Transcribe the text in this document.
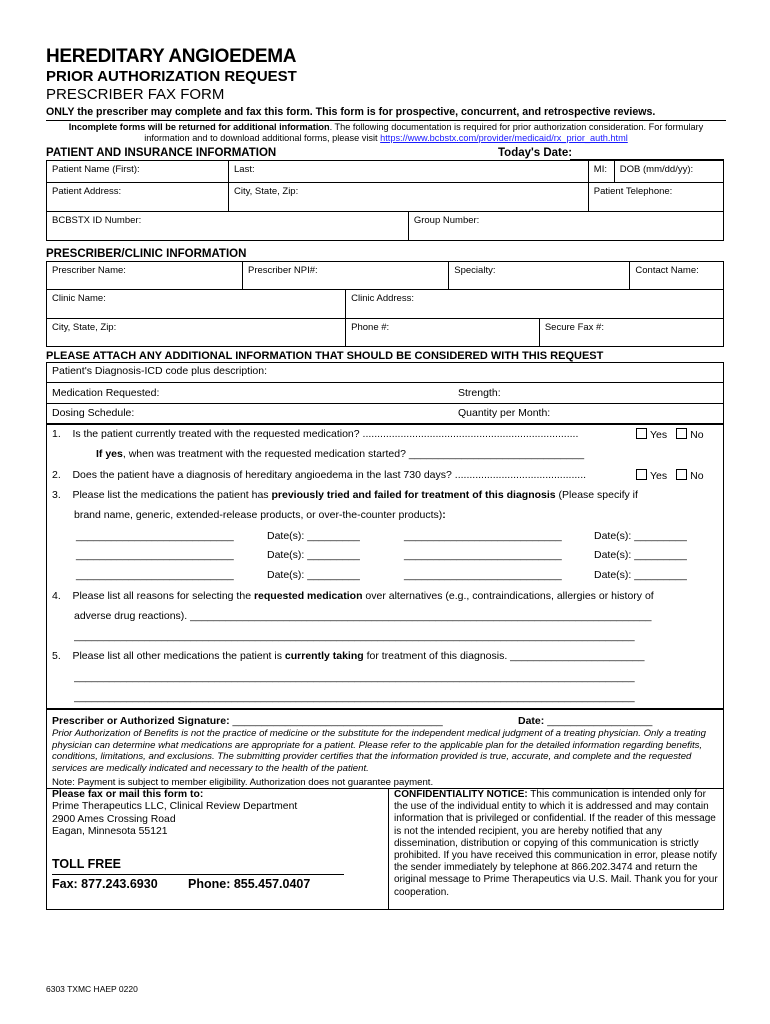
HEREDITARY ANGIOEDEMA
PRIOR AUTHORIZATION REQUEST
PRESCRIBER FAX FORM
ONLY the prescriber may complete and fax this form. This form is for prospective, concurrent, and retrospective reviews.
Incomplete forms will be returned for additional information. The following documentation is required for prior authorization consideration. For formulary information and to download additional forms, please visit https://www.bcbstx.com/provider/medicaid/rx_prior_auth.html
PATIENT AND INSURANCE INFORMATION	Today's Date:
Patient Name (First):	Last:		MI:	DOB (mm/dd/yy):
Patient Address:	City, State, Zip:		Patient Telephone:	
BCBSTX ID Number:		Group Number:		
PRESCRIBER/CLINIC INFORMATION
Prescriber Name:	Prescriber NPI#:		Specialty:		Contact Name:
Clinic Name:		Clinic Address:			
City, State, Zip:		Phone #:		Secure Fax #:	
PLEASE ATTACH ANY ADDITIONAL INFORMATION THAT SHOULD BE CONSIDERED WITH THIS REQUEST
Patient's Diagnosis-ICD code plus description:
Medication Requested:	Strength:
Dosing Schedule:	Quantity per Month:
1. Is the patient currently treated with the requested medication? ..........................................................................	Yes No
If yes, when was treatment with the requested medication started? ______________________________
2. Does the patient have a diagnosis of hereditary angioedema in the last 730 days? .............................................	Yes No
3. Please list the medications the patient has previously tried and failed for treatment of this diagnosis (Please specify if
brand name, generic, extended-release products, or over-the-counter products):
___________________________	Date(s): _________	___________________________	Date(s): _________
___________________________	Date(s): _________	___________________________	Date(s): _________
___________________________	Date(s): _________	___________________________	Date(s): _________
4. Please list all reasons for selecting the requested medication over alternatives (e.g., contraindications, allergies or history of
adverse drug reactions). _______________________________________________________________________________
________________________________________________________________________________________________
5. Please list all other medications the patient is currently taking for treatment of this diagnosis. _______________________
________________________________________________________________________________________________
________________________________________________________________________________________________
Prescriber or Authorized Signature: ____________________________________	Date: __________________
Prior Authorization of Benefits is not the practice of medicine or the substitute for the independent medical judgment of a treating physician. Only a treating physician can determine what medications are appropriate for a patient. Please refer to the applicable plan for the detailed information regarding benefits, conditions, limitations, and exclusions. The submitting provider certifies that the information provided is true, accurate, and complete and the requested services are medically indicated and necessary to the health of the patient.
Note: Payment is subject to member eligibility. Authorization does not guarantee payment.
Please fax or mail this form to:
Prime Therapeutics LLC, Clinical Review Department
2900 Ames Crossing Road
Eagan, Minnesota 55121
TOLL FREE
Fax: 877.243.6930 Phone: 855.457.0407
CONFIDENTIALITY NOTICE: This communication is intended only for the use of the individual entity to which it is addressed and may contain information that is privileged or confidential. If the reader of this message is not the intended recipient, you are hereby notified that any dissemination, distribution or copying of this communication is strictly prohibited. If you have received this communication in error, please notify the sender immediately by telephone at 866.202.3474 and return the original message to Prime Therapeutics via U.S. Mail. Thank you for your cooperation.
6303 TXMC HAEP 0220
